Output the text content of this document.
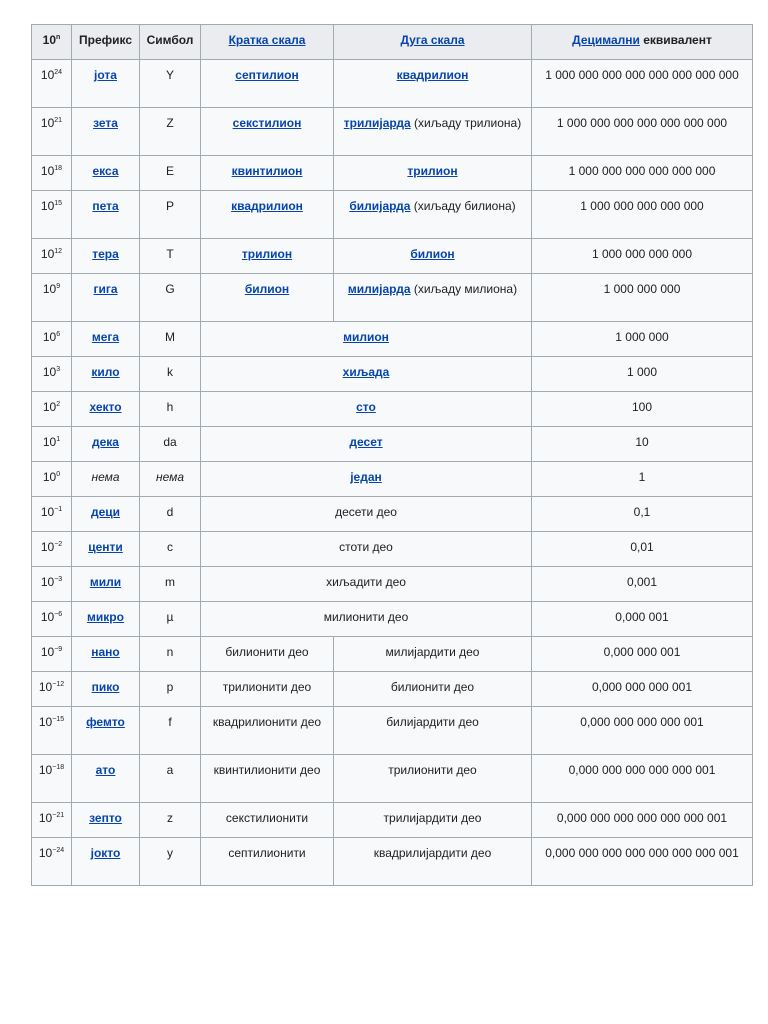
10$^n$	Префикс	Симбол	Кратка скала	Дуга скала	Децимални еквивалент
$10^{24}$	јота	Y	септилион	квадрилион	1 000 000 000 000 000 000 000 000
$10^{21}$	зета	Z	секстилион	трилијарда (хиљаду трилиона)	1 000 000 000 000 000 000 000
$10^{18}$	екса	E	квинтилион	трилион	1 000 000 000 000 000 000
$10^{15}$	пета	P	квадрилион	билијарда (хиљаду билиона)	1 000 000 000 000 000
$10^{12}$	тера	T	трилион	билион	1 000 000 000 000
$10^9$	гига	G	билион	милијарда (хиљаду милиона)	1 000 000 000
$10^6$	мега	M	милион		1 000 000
$10^3$	кило	k	хиљада		1 000
$10^2$	хекто	h	сто		100
$10^1$	дека	da	десет		10
$10^0$	нема	нема	један		1
$10^{-1}$	деци	d	десети део		0,1
$10^{-2}$	центи	c	стоти део		0,01
$10^{-3}$	мили	m	хиљадити део		0,001
$10^{-6}$	микро	µ	милионити део		0,000 001
$10^{-9}$	нано	n	билионити део	милијардити део	0,000 000 001
$10^{-12}$	пико	p	трилионити део	билионити део	0,000 000 000 001
$10^{-15}$	фемто	f	квадрилионити део	билијардити део	0,000 000 000 000 001
$10^{-18}$	ато	a	квинтилионити део	трилионити део	0,000 000 000 000 000 001
$10^{-21}$	зепто	z	секстилионити	трилијардити део	0,000 000 000 000 000 000 001
$10^{-24}$	јокто	y	септилионити	квадрилијардити део	0,000 000 000 000 000 000 000 001
